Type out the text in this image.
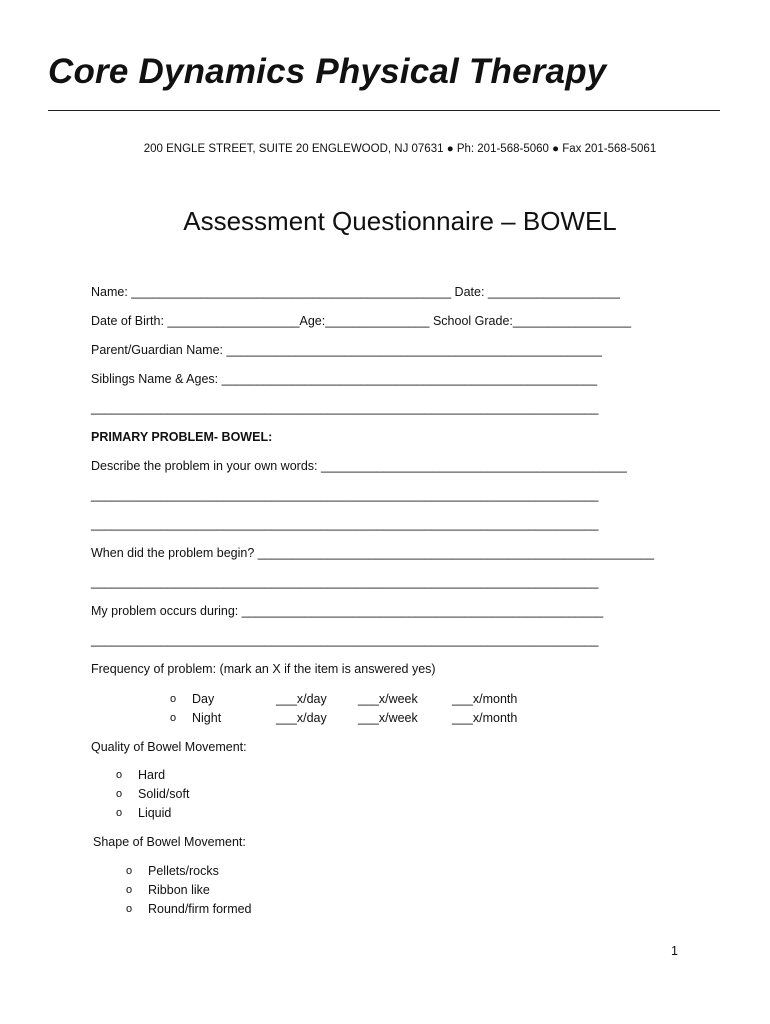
Core Dynamics Physical Therapy
200 ENGLE STREET, SUITE 20 ENGLEWOOD, NJ 07631 ● Ph: 201-568-5060 ● Fax 201-568-5061
Assessment Questionnaire – BOWEL
Name: ______________________________________________ Date: ___________________
Date of Birth: ___________________Age:_______________ School Grade:_________________
Parent/Guardian Name: ______________________________________________________
Siblings Name & Ages: ______________________________________________________
_________________________________________________________________________
PRIMARY PROBLEM- BOWEL:
Describe the problem in your own words: ____________________________________________
_________________________________________________________________________
_________________________________________________________________________
When did the problem begin? _________________________________________________________
_________________________________________________________________________
My problem occurs during: ____________________________________________________
_________________________________________________________________________
Frequency of problem: (mark an X if the item is answered yes)
o Day	___x/day	___x/week	___x/month
o Night	___x/day	___x/week	___x/month
Quality of Bowel Movement:
o Hard
o Solid/soft
o Liquid
Shape of Bowel Movement:
o Pellets/rocks
o Ribbon like
o Round/firm formed
1
